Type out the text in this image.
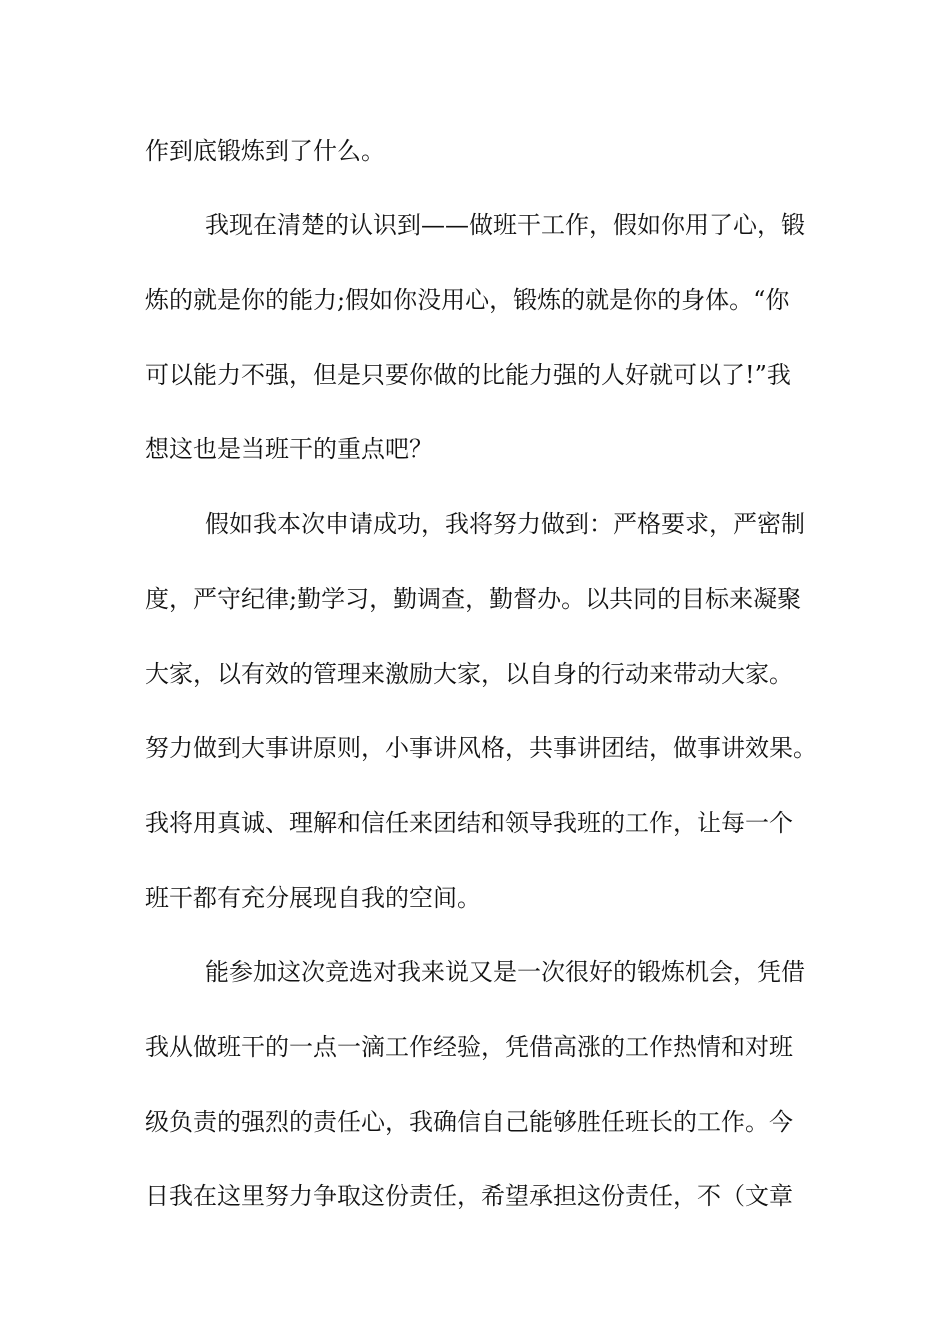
作到底锻炼到了什么。

我现在清楚的认识到——做班干工作，假如你用了心，锻

炼的就是你的能力;假如你没用心，锻炼的就是你的身体。“你

可以能力不强，但是只要你做的比能力强的人好就可以了!”我

想这也是当班干的重点吧？

假如我本次申请成功，我将努力做到：严格要求，严密制

度，严守纪律;勤学习，勤调查，勤督办。以共同的目标来凝聚

大家，以有效的管理来激励大家，以自身的行动来带动大家。

努力做到大事讲原则，小事讲风格，共事讲团结，做事讲效果。

我将用真诚、理解和信任来团结和领导我班的工作，让每一个

班干都有充分展现自我的空间。

能参加这次竞选对我来说又是一次很好的锻炼机会，凭借

我从做班干的一点一滴工作经验，凭借高涨的工作热情和对班

级负责的强烈的责任心，我确信自己能够胜任班长的工作。今

日我在这里努力争取这份责任，希望承担这份责任，不（文章
